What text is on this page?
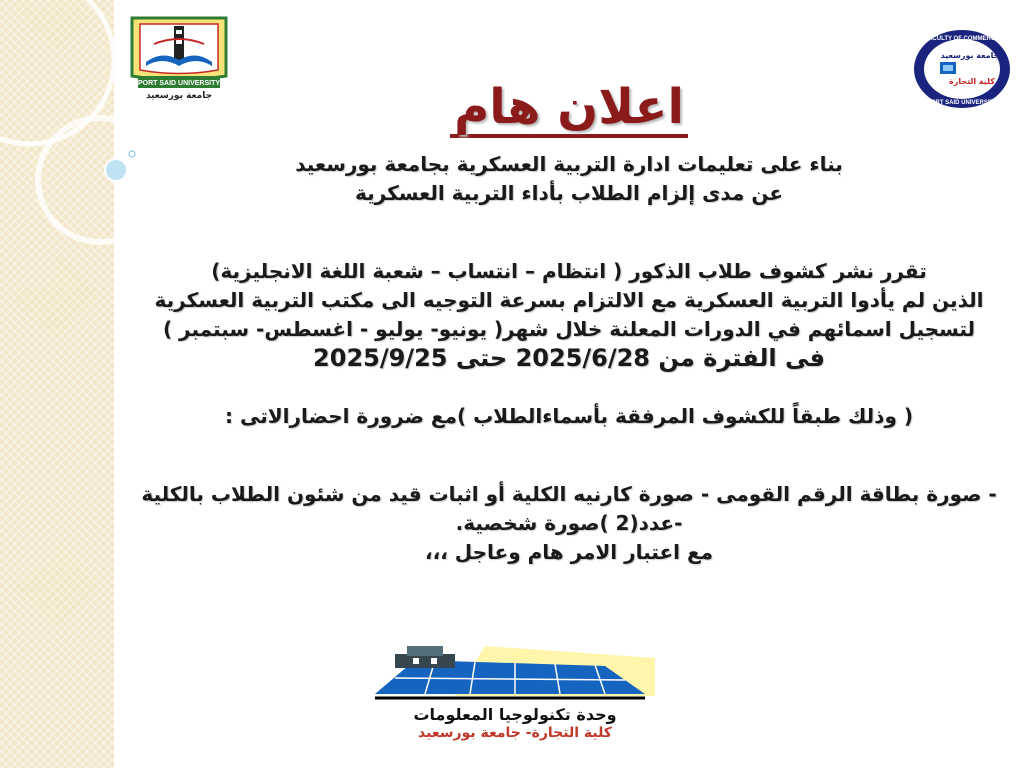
PORT SAID UNIVERSITY
جامعة بورسعيد
FACULTY OF COMMERCE
PORT SAID UNIVERSITY
جامعة بورسعيد
كلية التجارة
اعلان هام

بناء على تعليمات ادارة التربية العسكرية بجامعة بورسعيد

عن مدى إلزام الطلاب بأداء التربية العسكرية

تقرر نشر كشوف طلاب الذكور ( انتظام – انتساب – شعبة اللغة الانجليزية)

الذين لم يأدوا التربية العسكرية مع الالتزام بسرعة التوجيه الى مكتب التربية العسكرية

لتسجيل اسمائهم في الدورات المعلنة خلال شهر( يونيو- يوليو - اغسطس- سبتمبر )

فى الفترة من 2025/6/28 حتى 2025/9/25

( وذلك طبقاً للكشوف المرفقة بأسماءالطلاب )مع ضرورة احضارالاتى :

- صورة بطاقة الرقم القومى - صورة كارنيه الكلية أو اثبات قيد من شئون الطلاب بالكلية

-عدد(2 )صورة شخصية.

مع اعتبار الامر هام وعاجل ،،،

وحدة تكنولوجيا المعلومات
كلية التجارة- جامعة بورسعيد
